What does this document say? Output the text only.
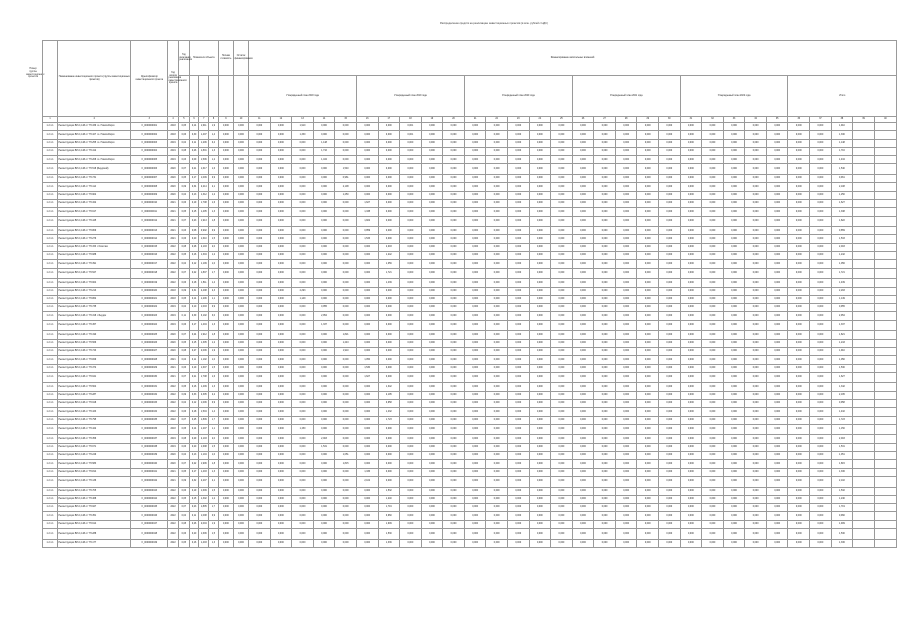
Распределение средств на реализацию инвестиционных проектов (в млн. рублей с НДС)
Номер группы инвестиционных проектов
		Наименование инвестиционного проекта (группы инвестиционных проектов)	Идентификатор инвестиционного проекта	Год начала реализации инвестиционного проекта	Год окончания реализации	Показатели объекта			Полная стоимость	Остаток финансирования	Финансирование капитальных вложений																													
										Утвержденный план 2018 года					Утвержденный план 2019 года					Утвержденный план 2020 года					Утвержденный план 2021 года					Утвержденный план 2022 года					Итого				
1	2	3	4	5	6	7	8	9	10	11	12	13	14	15	16	17	18	19	20	21	22	23	24	25	26	27	28	29	30	31	32	33	34	35	36	37	38	39	40
1.2.1.1	Реконструкция ВЛ-0,4 кВ от ТП-339 г.о. Новосибирск	F_0000000001	2018	0,05	0,14	2,011	1,9	0,000	0,000	0,000	0,000	1,910	0,000	0,000	0,000	0,000	0,001	0,000	0,000	0,000	0,000	0,000	0,000	0,000	0,000	0,000	0,000	0,000	0,000	0,000	0,000	0,000	0,000	0,000	0,000	0,000	1,910		
1.2.1.1	Реконструкция ВЛ-0,4 кВ от ТП-107 г.о. Новосибирск	F_0000000002	2018	0,06	0,30	1,407	1,4	0,000	0,000	0,000	0,000	1,330	0,000	0,000	0,000	0,000	0,001	0,000	0,000	0,000	0,000	0,000	0,000	0,000	0,000	0,000	0,000	0,000	0,000	0,000	0,000	0,000	0,000	0,000	0,000	0,000	1,330		
1.2.1.1	Реконструкция ВЛ-0,4 кВ от ТП-255 г.о. Новосибирск	F_0000000003	2019	0,04	0,11	1,206	0,4	0,000	0,000	0,000	0,000	0,000	1,148	0,000	0,000	0,000	0,000	0,000	0,000	0,000	0,000	0,000	0,000	0,000	0,000	0,000	0,000	0,000	0,000	0,000	0,000	0,000	0,000	0,000	0,000	0,000	1,148		
1.2.1.1	Реконструкция ВЛ-0,4 кВ от ТП-412	F_0000000004	2019	0,08	0,26	1,801	1,3	0,000	0,000	0,000	0,000	0,000	1,716	0,000	0,000	0,000	0,000	0,000	0,000	0,000	0,000	0,000	0,000	0,000	0,000	0,000	0,000	0,000	0,000	0,000	0,000	0,000	0,000	0,000	0,000	0,000	1,716		
1.2.1.1	Реконструкция ВЛ-0,4 кВ от ТП-208 г.о. Новосибирск	F_0000000005	2019	0,03	0,09	1,506	1,2	0,000	0,000	0,000	0,000	0,000	1,434	0,000	0,000	0,000	0,000	0,000	0,000	0,000	0,000	0,000	0,000	0,000	0,000	0,000	0,000	0,000	0,000	0,000	0,000	0,000	0,000	0,000	0,000	0,000	1,434		
1.2.1.1	Реконструкция ВЛ-0,4 кВ от ТП-518 (Бердский)	F_0000000006	2020	0,07	0,21	1,617	1,6	0,000	0,000	0,000	0,000	0,000	0,000	1,540	0,000	0,000	0,000	0,000	0,000	0,000	0,000	0,000	0,000	0,000	0,000	0,000	0,000	0,000	0,000	0,000	0,000	0,000	0,000	0,000	0,000	0,000	1,540		
1.2.1.1	Реконструкция ВЛ-0,4 кВ от ТП-731	F_0000000007	2020	0,05	0,17	1,009	0,9	0,000	0,000	0,000	0,000	0,000	0,000	0,961	0,000	0,000	0,000	0,000	0,000	0,000	0,000	0,000	0,000	0,000	0,000	0,000	0,000	0,000	0,000	0,000	0,000	0,000	0,000	0,000	0,000	0,000	0,961		
1.2.1.1	Реконструкция ВЛ-0,4 кВ от ТП-114	F_0000000008	2020	0,09	0,34	2,214	2,1	0,000	0,000	0,000	0,000	0,000	0,000	2,108	0,000	0,000	0,000	0,000	0,000	0,000	0,000	0,000	0,000	0,000	0,000	0,000	0,000	0,000	0,000	0,000	0,000	0,000	0,000	0,000	0,000	0,000	2,108		
1.2.1.1	Реконструкция ВЛ-0,4 кВ от ТП-902	F_0000000009	2020	0,04	0,13	1,312	1,2	0,000	0,000	0,000	0,000	0,000	0,000	1,250	0,000	0,000	0,000	0,000	0,000	0,000	0,000	0,000	0,000	0,000	0,000	0,000	0,000	0,000	0,000	0,000	0,000	0,000	0,000	0,000	0,000	0,000	1,250		
1.2.1.1	Реконструкция ВЛ-0,4 кВ от ТП-322	F_0000000010	2021	0,06	0,19	1,708	1,6	0,000	0,000	0,000	0,000	0,000	0,000	0,000	1,627	0,000	0,000	0,000	0,000	0,000	0,000	0,000	0,000	0,000	0,000	0,000	0,000	0,000	0,000	0,000	0,000	0,000	0,000	0,000	0,000	0,000	1,627		
1.2.1.1	Реконструкция ВЛ-0,4 кВ от ТП-617	F_0000000011	2021	0,05	0,15	1,405	1,3	0,000	0,000	0,000	0,000	0,000	0,000	0,000	1,338	0,000	0,000	0,000	0,000	0,000	0,000	0,000	0,000	0,000	0,000	0,000	0,000	0,000	0,000	0,000	0,000	0,000	0,000	0,000	0,000	0,000	1,338		
1.2.1.1	Реконструкция ВЛ-0,4 кВ от ТП-445	F_0000000012	2021	0,07	0,23	1,913	1,8	0,000	0,000	0,000	0,000	0,000	0,000	0,000	1,822	0,000	0,000	0,000	0,000	0,000	0,000	0,000	0,000	0,000	0,000	0,000	0,000	0,000	0,000	0,000	0,000	0,000	0,000	0,000	0,000	0,000	1,822		
1.2.1.1	Реконструкция ВЛ-0,4 кВ от ТП-809	F_0000000013	2021	0,03	0,08	0,902	0,9	0,000	0,000	0,000	0,000	0,000	0,000	0,000	0,859	0,000	0,000	0,000	0,000	0,000	0,000	0,000	0,000	0,000	0,000	0,000	0,000	0,000	0,000	0,000	0,000	0,000	0,000	0,000	0,000	0,000	0,859		
1.2.1.1	Реконструкция ВЛ-0,4 кВ от ТП-276	F_0000000014	2021	0,06	0,20	1,610	1,5	0,000	0,000	0,000	0,000	0,000	0,000	0,000	1,533	0,000	0,000	0,000	0,000	0,000	0,000	0,000	0,000	0,000	0,000	0,000	0,000	0,000	0,000	0,000	0,000	0,000	0,000	0,000	0,000	0,000	1,533		
1.2.1.1	Реконструкция ВЛ-0,4 кВ от ТП-153 г. Искитим	F_0000000015	2022	0,08	0,28	2,103	2,0	0,000	0,000	0,000	0,000	0,000	0,000	0,000	0,000	2,003	0,000	0,000	0,000	0,000	0,000	0,000	0,000	0,000	0,000	0,000	0,000	0,000	0,000	0,000	0,000	0,000	0,000	0,000	0,000	0,000	2,003		
1.2.1.1	Реконструкция ВЛ-0,4 кВ от ТП-688	F_0000000016	2022	0,05	0,16	1,304	1,2	0,000	0,000	0,000	0,000	0,000	0,000	0,000	0,000	1,242	0,000	0,000	0,000	0,000	0,000	0,000	0,000	0,000	0,000	0,000	0,000	0,000	0,000	0,000	0,000	0,000	0,000	0,000	0,000	0,000	1,242		
1.2.1.1	Реконструкция ВЛ-0,4 кВ от ТП-391	F_0000000017	2022	0,04	0,12	1,109	1,0	0,000	0,000	0,000	0,000	0,000	0,000	0,000	0,000	1,056	0,000	0,000	0,000	0,000	0,000	0,000	0,000	0,000	0,000	0,000	0,000	0,000	0,000	0,000	0,000	0,000	0,000	0,000	0,000	0,000	1,056		
1.2.1.1	Реконструкция ВЛ-0,4 кВ от ТП-527	F_0000000018	2022	0,07	0,22	1,807	1,7	0,000	0,000	0,000	0,000	0,000	0,000	0,000	0,000	1,721	0,000	0,000	0,000	0,000	0,000	0,000	0,000	0,000	0,000	0,000	0,000	0,000	0,000	0,000	0,000	0,000	0,000	0,000	0,000	0,000	1,721		
1.2.1.1	Реконструкция ВЛ-0,4 кВ от ТП-604	F_0000000019	2022	0,06	0,18	1,511	1,4	0,000	0,000	0,000	0,000	0,000	0,000	0,000	0,000	1,439	0,000	0,000	0,000	0,000	0,000	0,000	0,000	0,000	0,000	0,000	0,000	0,000	0,000	0,000	0,000	0,000	0,000	0,000	0,000	0,000	1,439		
1.2.1.1	Реконструкция ВЛ-0,4 кВ от ТП-213	F_0000000020	2018	0,09	0,31	2,408	2,3	0,000	0,000	0,000	0,000	2,293	0,000	0,000	0,000	0,000	0,000	0,000	0,000	0,000	0,000	0,000	0,000	0,000	0,000	0,000	0,000	0,000	0,000	0,000	0,000	0,000	0,000	0,000	0,000	0,000	2,293		
1.2.1.1	Реконструкция ВЛ-0,4 кВ от ТП-862	F_0000000021	2018	0,05	0,14	1,206	1,1	0,000	0,000	0,000	0,000	1,149	0,000	0,000	0,000	0,000	0,000	0,000	0,000	0,000	0,000	0,000	0,000	0,000	0,000	0,000	0,000	0,000	0,000	0,000	0,000	0,000	0,000	0,000	0,000	0,000	1,149		
1.2.1.1	Реконструкция ВЛ-0,4 кВ от ТП-735	F_0000000022	2019	0,04	0,10	1,003	0,9	0,000	0,000	0,000	0,000	0,000	0,955	0,000	0,000	0,000	0,000	0,000	0,000	0,000	0,000	0,000	0,000	0,000	0,000	0,000	0,000	0,000	0,000	0,000	0,000	0,000	0,000	0,000	0,000	0,000	0,955		
1.2.1.1	Реконструкция ВЛ-0,4 кВ от ТП-318 г. Бердск	F_0000000023	2019	0,11	0,39	3,102	3,0	0,000	0,000	0,000	0,000	0,000	2,954	0,000	0,000	0,000	0,000	0,000	0,000	0,000	0,000	0,000	0,000	0,000	0,000	0,000	0,000	0,000	0,000	0,000	0,000	0,000	0,000	0,000	0,000	0,000	2,954		
1.2.1.1	Реконструкция ВЛ-0,4 кВ от ТП-457	F_0000000024	2019	0,06	0,17	1,404	1,3	0,000	0,000	0,000	0,000	0,000	1,337	0,000	0,000	0,000	0,000	0,000	0,000	0,000	0,000	0,000	0,000	0,000	0,000	0,000	0,000	0,000	0,000	0,000	0,000	0,000	0,000	0,000	0,000	0,000	1,337		
1.2.1.1	Реконструкция ВЛ-0,4 кВ от ТП-190	F_0000000025	2020	0,07	0,24	1,912	1,8	0,000	0,000	0,000	0,000	0,000	0,000	1,821	0,000	0,000	0,000	0,000	0,000	0,000	0,000	0,000	0,000	0,000	0,000	0,000	0,000	0,000	0,000	0,000	0,000	0,000	0,000	0,000	0,000	0,000	1,821		
1.2.1.1	Реконструкция ВЛ-0,4 кВ от ТП-566	F_0000000026	2020	0,05	0,15	1,305	1,2	0,000	0,000	0,000	0,000	0,000	0,000	1,243	0,000	0,000	0,000	0,000	0,000	0,000	0,000	0,000	0,000	0,000	0,000	0,000	0,000	0,000	0,000	0,000	0,000	0,000	0,000	0,000	0,000	0,000	1,243		
1.2.1.1	Реконструкция ВЛ-0,4 кВ от ТП-743	F_0000000027	2020	0,08	0,27	2,006	1,9	0,000	0,000	0,000	0,000	0,000	0,000	1,910	0,000	0,000	0,000	0,000	0,000	0,000	0,000	0,000	0,000	0,000	0,000	0,000	0,000	0,000	0,000	0,000	0,000	0,000	0,000	0,000	0,000	0,000	1,910		
1.2.1.1	Реконструкция ВЛ-0,4 кВ от ТП-829	F_0000000028	2021	0,04	0,11	1,102	1,0	0,000	0,000	0,000	0,000	0,000	0,000	0,000	1,050	0,000	0,000	0,000	0,000	0,000	0,000	0,000	0,000	0,000	0,000	0,000	0,000	0,000	0,000	0,000	0,000	0,000	0,000	0,000	0,000	0,000	1,050		
1.2.1.1	Реконструкция ВЛ-0,4 кВ от ТП-372	F_0000000029	2021	0,06	0,19	1,607	1,5	0,000	0,000	0,000	0,000	0,000	0,000	0,000	1,530	0,000	0,000	0,000	0,000	0,000	0,000	0,000	0,000	0,000	0,000	0,000	0,000	0,000	0,000	0,000	0,000	0,000	0,000	0,000	0,000	0,000	1,530		
1.2.1.1	Реконструкция ВЛ-0,4 кВ от ТП-641	F_0000000030	2021	0,07	0,21	1,708	1,6	0,000	0,000	0,000	0,000	0,000	0,000	0,000	1,627	0,000	0,000	0,000	0,000	0,000	0,000	0,000	0,000	0,000	0,000	0,000	0,000	0,000	0,000	0,000	0,000	0,000	0,000	0,000	0,000	0,000	1,627		
1.2.1.1	Реконструкция ВЛ-0,4 кВ от ТП-504	F_0000000031	2022	0,05	0,16	1,409	1,3	0,000	0,000	0,000	0,000	0,000	0,000	0,000	0,000	1,342	0,000	0,000	0,000	0,000	0,000	0,000	0,000	0,000	0,000	0,000	0,000	0,000	0,000	0,000	0,000	0,000	0,000	0,000	0,000	0,000	1,342		
1.2.1.1	Реконструкция ВЛ-0,4 кВ от ТП-287	F_0000000032	2022	0,09	0,33	2,305	2,2	0,000	0,000	0,000	0,000	0,000	0,000	0,000	0,000	2,195	0,000	0,000	0,000	0,000	0,000	0,000	0,000	0,000	0,000	0,000	0,000	0,000	0,000	0,000	0,000	0,000	0,000	0,000	0,000	0,000	2,195		
1.2.1.1	Реконструкция ВЛ-0,4 кВ от ТП-918	F_0000000033	2022	0,04	0,12	1,006	0,9	0,000	0,000	0,000	0,000	0,000	0,000	0,000	0,000	0,958	0,000	0,000	0,000	0,000	0,000	0,000	0,000	0,000	0,000	0,000	0,000	0,000	0,000	0,000	0,000	0,000	0,000	0,000	0,000	0,000	0,958		
1.2.1.1	Реконструкция ВЛ-0,4 кВ от ТП-163	F_0000000034	2022	0,06	0,18	1,504	1,4	0,000	0,000	0,000	0,000	0,000	0,000	0,000	0,000	1,432	0,000	0,000	0,000	0,000	0,000	0,000	0,000	0,000	0,000	0,000	0,000	0,000	0,000	0,000	0,000	0,000	0,000	0,000	0,000	0,000	1,432		
1.2.1.1	Реконструкция ВЛ-0,4 кВ от ТП-795	F_0000000035	2022	0,07	0,25	1,809	1,7	0,000	0,000	0,000	0,000	0,000	0,000	0,000	0,000	1,723	0,000	0,000	0,000	0,000	0,000	0,000	0,000	0,000	0,000	0,000	0,000	0,000	0,000	0,000	0,000	0,000	0,000	0,000	0,000	0,000	1,723		
1.2.1.1	Реконструкция ВЛ-0,4 кВ от ТП-422	F_0000000036	2018	0,05	0,14	1,207	1,1	0,000	0,000	0,000	0,000	1,150	0,000	0,000	0,000	0,000	0,000	0,000	0,000	0,000	0,000	0,000	0,000	0,000	0,000	0,000	0,000	0,000	0,000	0,000	0,000	0,000	0,000	0,000	0,000	0,000	1,150		
1.2.1.1	Реконструкция ВЛ-0,4 кВ от ТП-356	F_0000000037	2019	0,08	0,29	2,103	2,0	0,000	0,000	0,000	0,000	0,000	2,003	0,000	0,000	0,000	0,000	0,000	0,000	0,000	0,000	0,000	0,000	0,000	0,000	0,000	0,000	0,000	0,000	0,000	0,000	0,000	0,000	0,000	0,000	0,000	2,003		
1.2.1.1	Реконструкция ВЛ-0,4 кВ от ТП-671	F_0000000038	2019	0,06	0,20	1,608	1,5	0,000	0,000	0,000	0,000	0,000	1,531	0,000	0,000	0,000	0,000	0,000	0,000	0,000	0,000	0,000	0,000	0,000	0,000	0,000	0,000	0,000	0,000	0,000	0,000	0,000	0,000	0,000	0,000	0,000	1,531		
1.2.1.1	Реконструкция ВЛ-0,4 кВ от ТП-249	F_0000000039	2020	0,04	0,13	1,104	1,0	0,000	0,000	0,000	0,000	0,000	0,000	1,051	0,000	0,000	0,000	0,000	0,000	0,000	0,000	0,000	0,000	0,000	0,000	0,000	0,000	0,000	0,000	0,000	0,000	0,000	0,000	0,000	0,000	0,000	1,051		
1.2.1.1	Реконструкция ВЛ-0,4 кВ от ТП-583	F_0000000040	2020	0,07	0,22	1,906	1,8	0,000	0,000	0,000	0,000	0,000	0,000	1,815	0,000	0,000	0,000	0,000	0,000	0,000	0,000	0,000	0,000	0,000	0,000	0,000	0,000	0,000	0,000	0,000	0,000	0,000	0,000	0,000	0,000	0,000	1,815		
1.2.1.1	Реконструкция ВЛ-0,4 кВ от ТП-814	F_0000000041	2021	0,05	0,17	1,403	1,3	0,000	0,000	0,000	0,000	0,000	0,000	0,000	1,336	0,000	0,000	0,000	0,000	0,000	0,000	0,000	0,000	0,000	0,000	0,000	0,000	0,000	0,000	0,000	0,000	0,000	0,000	0,000	0,000	0,000	1,336		
1.2.1.1	Реконструкция ВЛ-0,4 кВ от ТП-136	F_0000000042	2021	0,09	0,32	2,207	2,1	0,000	0,000	0,000	0,000	0,000	0,000	0,000	2,102	0,000	0,000	0,000	0,000	0,000	0,000	0,000	0,000	0,000	0,000	0,000	0,000	0,000	0,000	0,000	0,000	0,000	0,000	0,000	0,000	0,000	2,102		
1.2.1.1	Реконструкция ВЛ-0,4 кВ от ТП-705	F_0000000043	2022	0,06	0,19	1,609	1,5	0,000	0,000	0,000	0,000	0,000	0,000	0,000	0,000	1,532	0,000	0,000	0,000	0,000	0,000	0,000	0,000	0,000	0,000	0,000	0,000	0,000	0,000	0,000	0,000	0,000	0,000	0,000	0,000	0,000	1,532		
1.2.1.1	Реконструкция ВЛ-0,4 кВ от ТП-468	F_0000000044	2022	0,05	0,15	1,302	1,2	0,000	0,000	0,000	0,000	0,000	0,000	0,000	0,000	1,240	0,000	0,000	0,000	0,000	0,000	0,000	0,000	0,000	0,000	0,000	0,000	0,000	0,000	0,000	0,000	0,000	0,000	0,000	0,000	0,000	1,240		
1.2.1.1	Реконструкция ВЛ-0,4 кВ от ТП-927	F_0000000045	2022	0,07	0,23	1,805	1,7	0,000	0,000	0,000	0,000	0,000	0,000	0,000	0,000	1,719	0,000	0,000	0,000	0,000	0,000	0,000	0,000	0,000	0,000	0,000	0,000	0,000	0,000	0,000	0,000	0,000	0,000	0,000	0,000	0,000	1,719		
1.2.1.1	Реконструкция ВЛ-0,4 кВ от ТП-351	F_0000000046	2022	0,04	0,11	1,008	0,9	0,000	0,000	0,000	0,000	0,000	0,000	0,000	0,000	0,960	0,000	0,000	0,000	0,000	0,000	0,000	0,000	0,000	0,000	0,000	0,000	0,000	0,000	0,000	0,000	0,000	0,000	0,000	0,000	0,000	0,960		
1.2.1.1	Реконструкция ВЛ-0,4 кВ от ТП-614	F_0000000047	2022	0,08	0,26	2,004	1,9	0,000	0,000	0,000	0,000	0,000	0,000	0,000	0,000	1,909	0,000	0,000	0,000	0,000	0,000	0,000	0,000	0,000	0,000	0,000	0,000	0,000	0,000	0,000	0,000	0,000	0,000	0,000	0,000	0,000	1,909		
1.2.1.1	Реконструкция ВЛ-0,4 кВ от ТП-288	F_0000000048	2022	0,06	0,20	1,606	1,5	0,000	0,000	0,000	0,000	0,000	0,000	0,000	0,000	1,530	0,000	0,000	0,000	0,000	0,000	0,000	0,000	0,000	0,000	0,000	0,000	0,000	0,000	0,000	0,000	0,000	0,000	0,000	0,000	0,000	1,530		
1.2.1.1	Реконструкция ВЛ-0,4 кВ от ТП-177	F_0000000049	2022	0,05	0,16	1,403	1,3	0,000	0,000	0,000	0,000	0,000	0,000	0,000	0,000	1,336	0,000	0,000	0,000	0,000	0,000	0,000	0,000	0,000	0,000	0,000	0,000	0,000	0,000	0,000	0,000	0,000	0,000	0,000	0,000	0,000	1,336		
